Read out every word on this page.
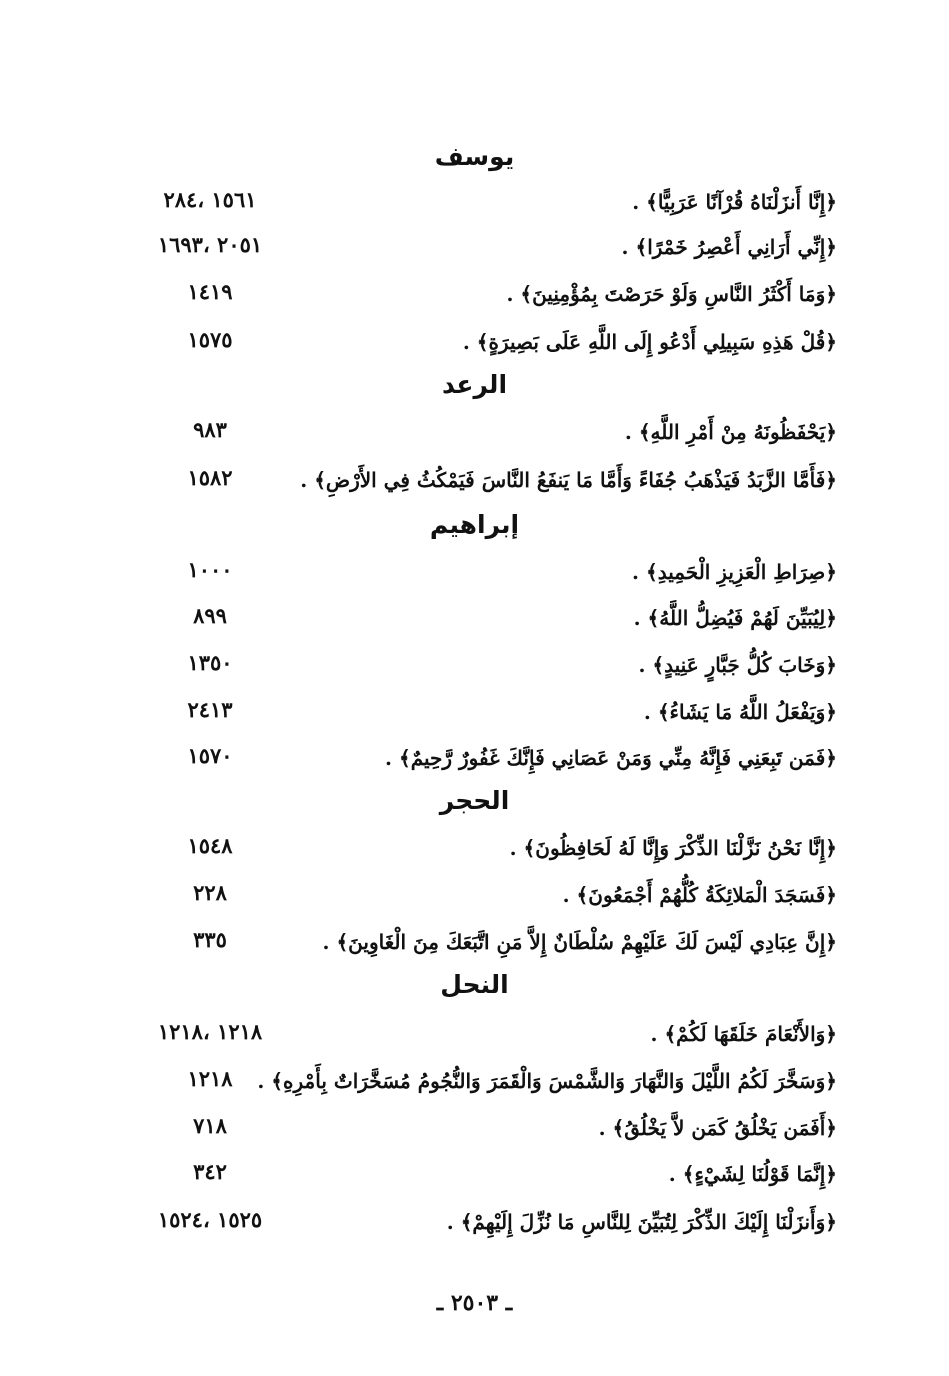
يوسف
﴿إِنَّا أَنزَلْنَاهُ قُرْآنًا عَرَبِيًّا﴾ .
١٥٦١ ،٢٨٤
﴿إِنِّي أَرَانِي أَعْصِرُ خَمْرًا﴾ .
٢٠٥١ ،١٦٩٣
﴿وَمَا أَكْثَرُ النَّاسِ وَلَوْ حَرَصْتَ بِمُؤْمِنِينَ﴾ .
١٤١٩
﴿قُلْ هَذِهِ سَبِيلِي أَدْعُو إِلَى اللَّهِ عَلَى بَصِيرَةٍ﴾ .
١٥٧٥
الرعد
﴿يَحْفَظُونَهُ مِنْ أَمْرِ اللَّهِ﴾ .
٩٨٣
﴿فَأَمَّا الزَّبَدُ فَيَذْهَبُ جُفَاءً وَأَمَّا مَا يَنفَعُ النَّاسَ فَيَمْكُثُ فِي الأَرْضِ﴾ .
١٥٨٢
إبراهيم
﴿صِرَاطِ الْعَزِيزِ الْحَمِيدِ﴾ .
١٠٠٠
﴿لِيُبَيِّنَ لَهُمْ فَيُضِلُّ اللَّهُ﴾ .
٨٩٩
﴿وَخَابَ كُلُّ جَبَّارٍ عَنِيدٍ﴾ .
١٣٥٠
﴿وَيَفْعَلُ اللَّهُ مَا يَشَاءُ﴾ .
٢٤١٣
﴿فَمَن تَبِعَنِي فَإِنَّهُ مِنِّي وَمَنْ عَصَانِي فَإِنَّكَ غَفُورٌ رَّحِيمٌ﴾ .
١٥٧٠
الحجر
﴿إِنَّا نَحْنُ نَزَّلْنَا الذِّكْرَ وَإِنَّا لَهُ لَحَافِظُونَ﴾ .
١٥٤٨
﴿فَسَجَدَ الْمَلائِكَةُ كُلُّهُمْ أَجْمَعُونَ﴾ .
٢٢٨
﴿إِنَّ عِبَادِي لَيْسَ لَكَ عَلَيْهِمْ سُلْطَانٌ إِلاَّ مَنِ اتَّبَعَكَ مِنَ الْغَاوِينَ﴾ .
٣٣٥
النحل
﴿وَالأَنْعَامَ خَلَقَهَا لَكُمْ﴾ .
١٢١٨ ،١٢١٨
﴿وَسَخَّرَ لَكُمُ اللَّيْلَ وَالنَّهَارَ وَالشَّمْسَ وَالْقَمَرَ وَالنُّجُومُ مُسَخَّرَاتٌ بِأَمْرِهِ﴾ .
١٢١٨
﴿أَفَمَن يَخْلُقُ كَمَن لاَّ يَخْلُقُ﴾ .
٧١٨
﴿إِنَّمَا قَوْلُنَا لِشَيْءٍ﴾ .
٣٤٢
﴿وَأَنزَلْنَا إِلَيْكَ الذِّكْرَ لِتُبَيِّنَ لِلنَّاسِ مَا نُزِّلَ إِلَيْهِمْ﴾ .
١٥٢٥ ،١٥٢٤
ـ ٢٥٠٣ ـ
